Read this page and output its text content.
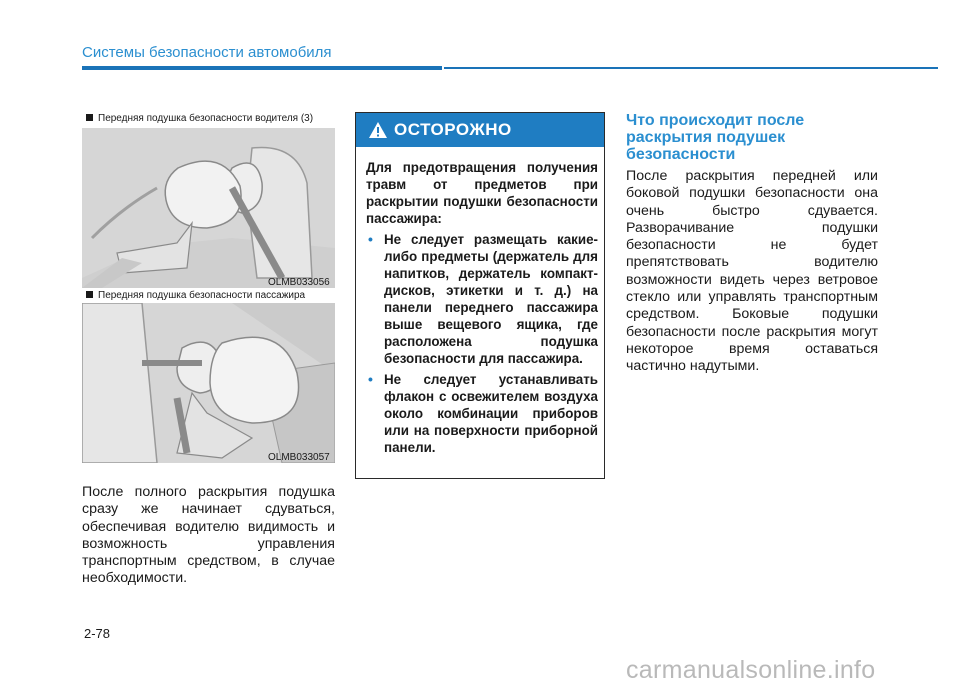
Системы безопасности автомобиля
Передняя подушка безопасности водителя (3)
OLMB033056
Передняя подушка безопасности пассажира
OLMB033057
После полного раскрытия подушка сразу же начинает сдуваться, обеспечивая водителю видимость и возможность управления транспортным средством, в случае необходимости.
ОСТОРОЖНО

Для предотвращения получения травм от предметов при раскрытии подушки безопасности пассажира:

• Не следует размещать какие-либо предметы (держатель для напитков, держатель компакт-дисков, этикетки и т. д.) на панели переднего пассажира выше вещевого ящика, где расположена подушка безопасности для пассажира.
• Не следует устанавливать флакон с освежителем воздуха около комбинации приборов или на поверхности приборной панели.
Что происходит после раскрытия подушек безопасности
После раскрытия передней или боковой подушки безопасности она очень быстро сдувается. Разворачивание подушки безопасности не будет препятствовать водителю возможности видеть через ветровое стекло или управлять транспортным средством. Боковые подушки безопасности после раскрытия могут некоторое время оставаться частично надутыми.
2-78
carmanualsonline.info
